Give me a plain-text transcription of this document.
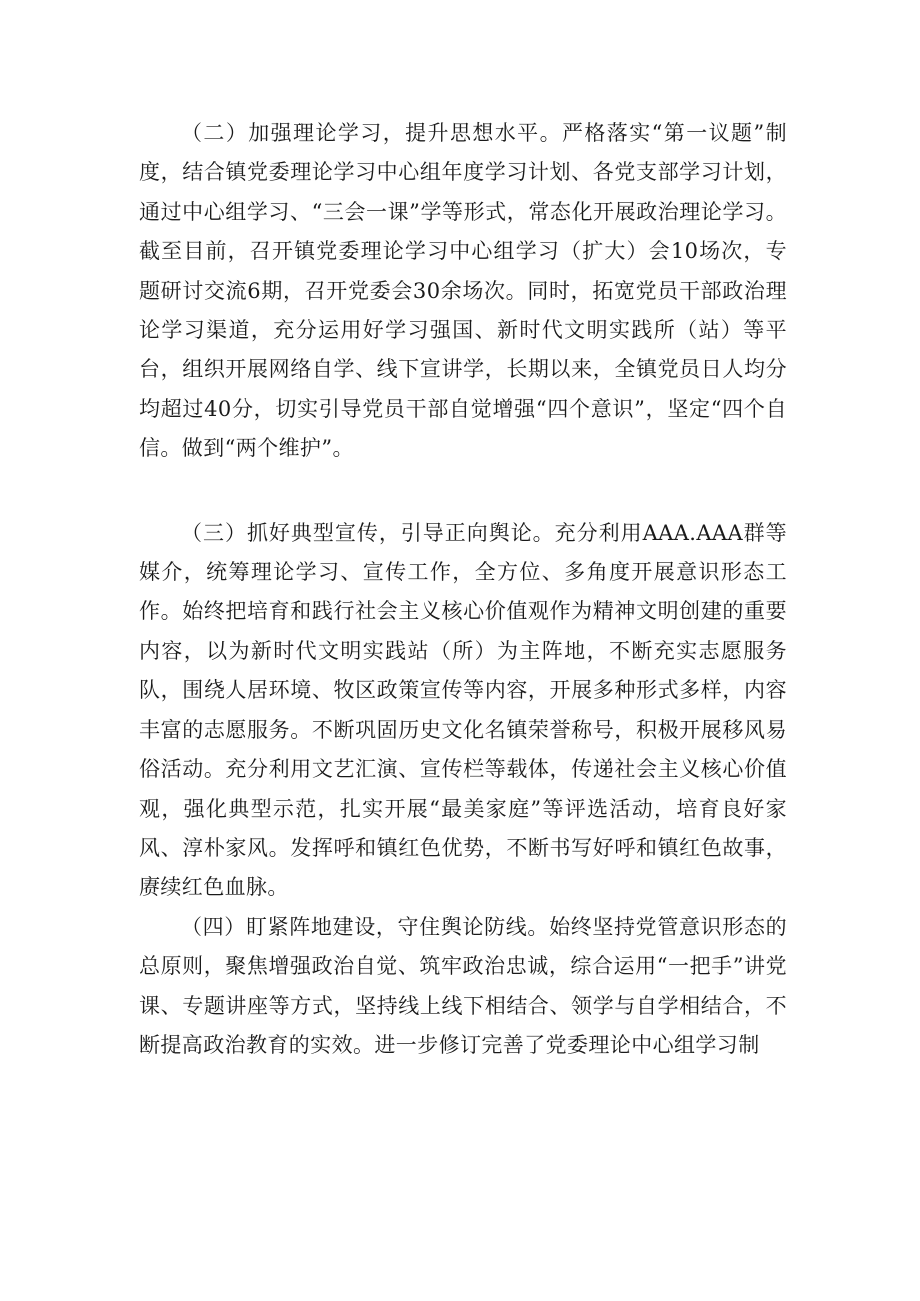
（二）加强理论学习，提升思想水平。严格落实“第一议题”制度，结合镇党委理论学习中心组年度学习计划、各党支部学习计划，通过中心组学习、“三会一课”学等形式，常态化开展政治理论学习。截至目前，召开镇党委理论学习中心组学习（扩大）会10场次，专题研讨交流6期，召开党委会30余场次。同时，拓宽党员干部政治理论学习渠道，充分运用好学习强国、新时代文明实践所（站）等平台，组织开展网络自学、线下宣讲学，长期以来，全镇党员日人均分均超过40分，切实引导党员干部自觉增强“四个意识”，坚定“四个自信。做到“两个维护”。

（三）抓好典型宣传，引导正向舆论。充分利用AAA.AAA群等媒介，统筹理论学习、宣传工作，全方位、多角度开展意识形态工作。始终把培育和践行社会主义核心价值观作为精神文明创建的重要内容，以为新时代文明实践站（所）为主阵地，不断充实志愿服务队，围绕人居环境、牧区政策宣传等内容，开展多种形式多样，内容丰富的志愿服务。不断巩固历史文化名镇荣誉称号，积极开展移风易俗活动。充分利用文艺汇演、宣传栏等载体，传递社会主义核心价值观，强化典型示范，扎实开展“最美家庭”等评选活动，培育良好家风、淳朴家风。发挥呼和镇红色优势，不断书写好呼和镇红色故事，赓续红色血脉。

（四）盯紧阵地建设，守住舆论防线。始终坚持党管意识形态的总原则，聚焦增强政治自觉、筑牢政治忠诚，综合运用“一把手”讲党课、专题讲座等方式，坚持线上线下相结合、领学与自学相结合，不断提高政治教育的实效。进一步修订完善了党委理论中心组学习制
